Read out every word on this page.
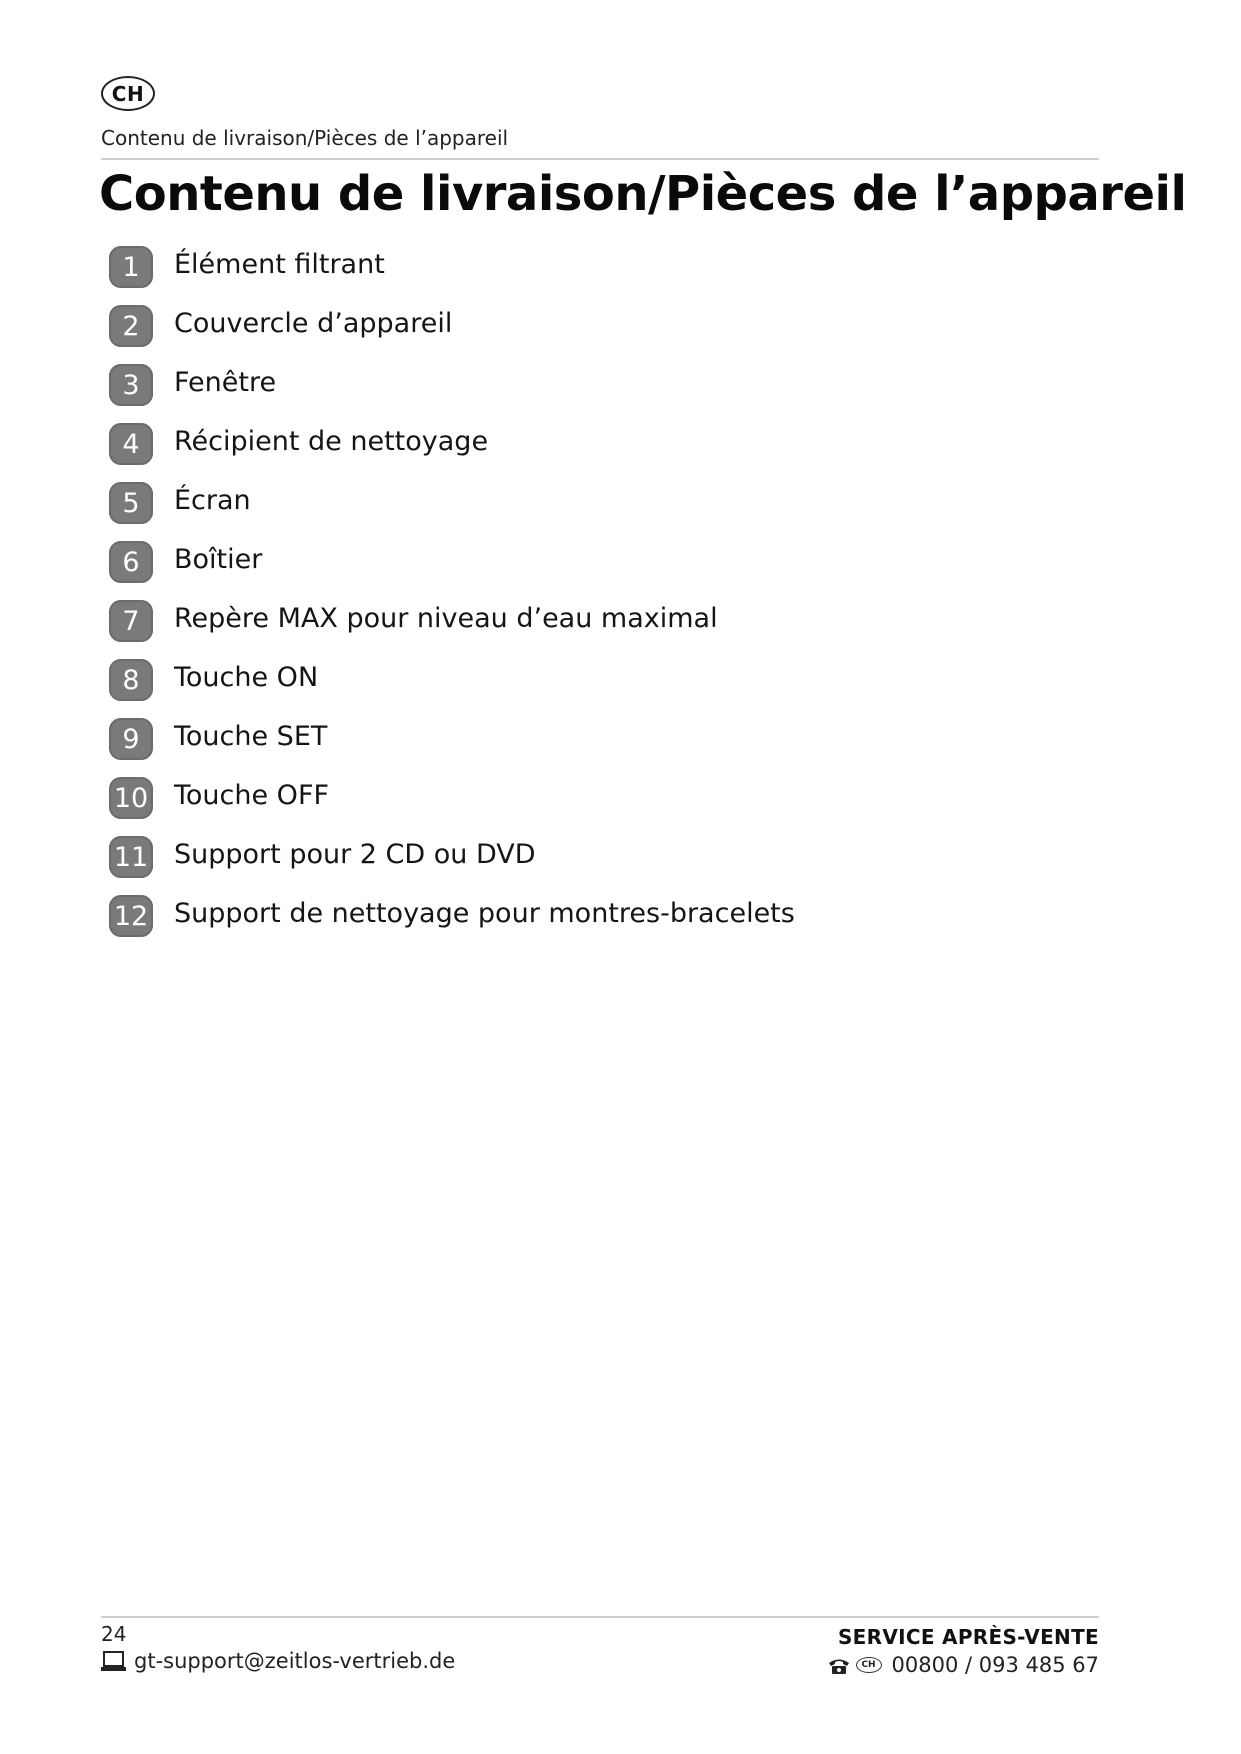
CH
Contenu de livraison/Pièces de l’appareil
Contenu de livraison/Pièces de l’appareil
1	Élément filtrant
2	Couvercle d’appareil
3	Fenêtre
4	Récipient de nettoyage
5	Écran
6	Boîtier
7	Repère MAX pour niveau d’eau maximal
8	Touche ON
9	Touche SET
10 Touche OFF
11 Support pour 2 CD ou DVD
12 Support de nettoyage pour montres-bracelets
24
gt-support@zeitlos-vertrieb.de
SERVICE APRÈS-VENTE
CH 00800 / 093 485 67
